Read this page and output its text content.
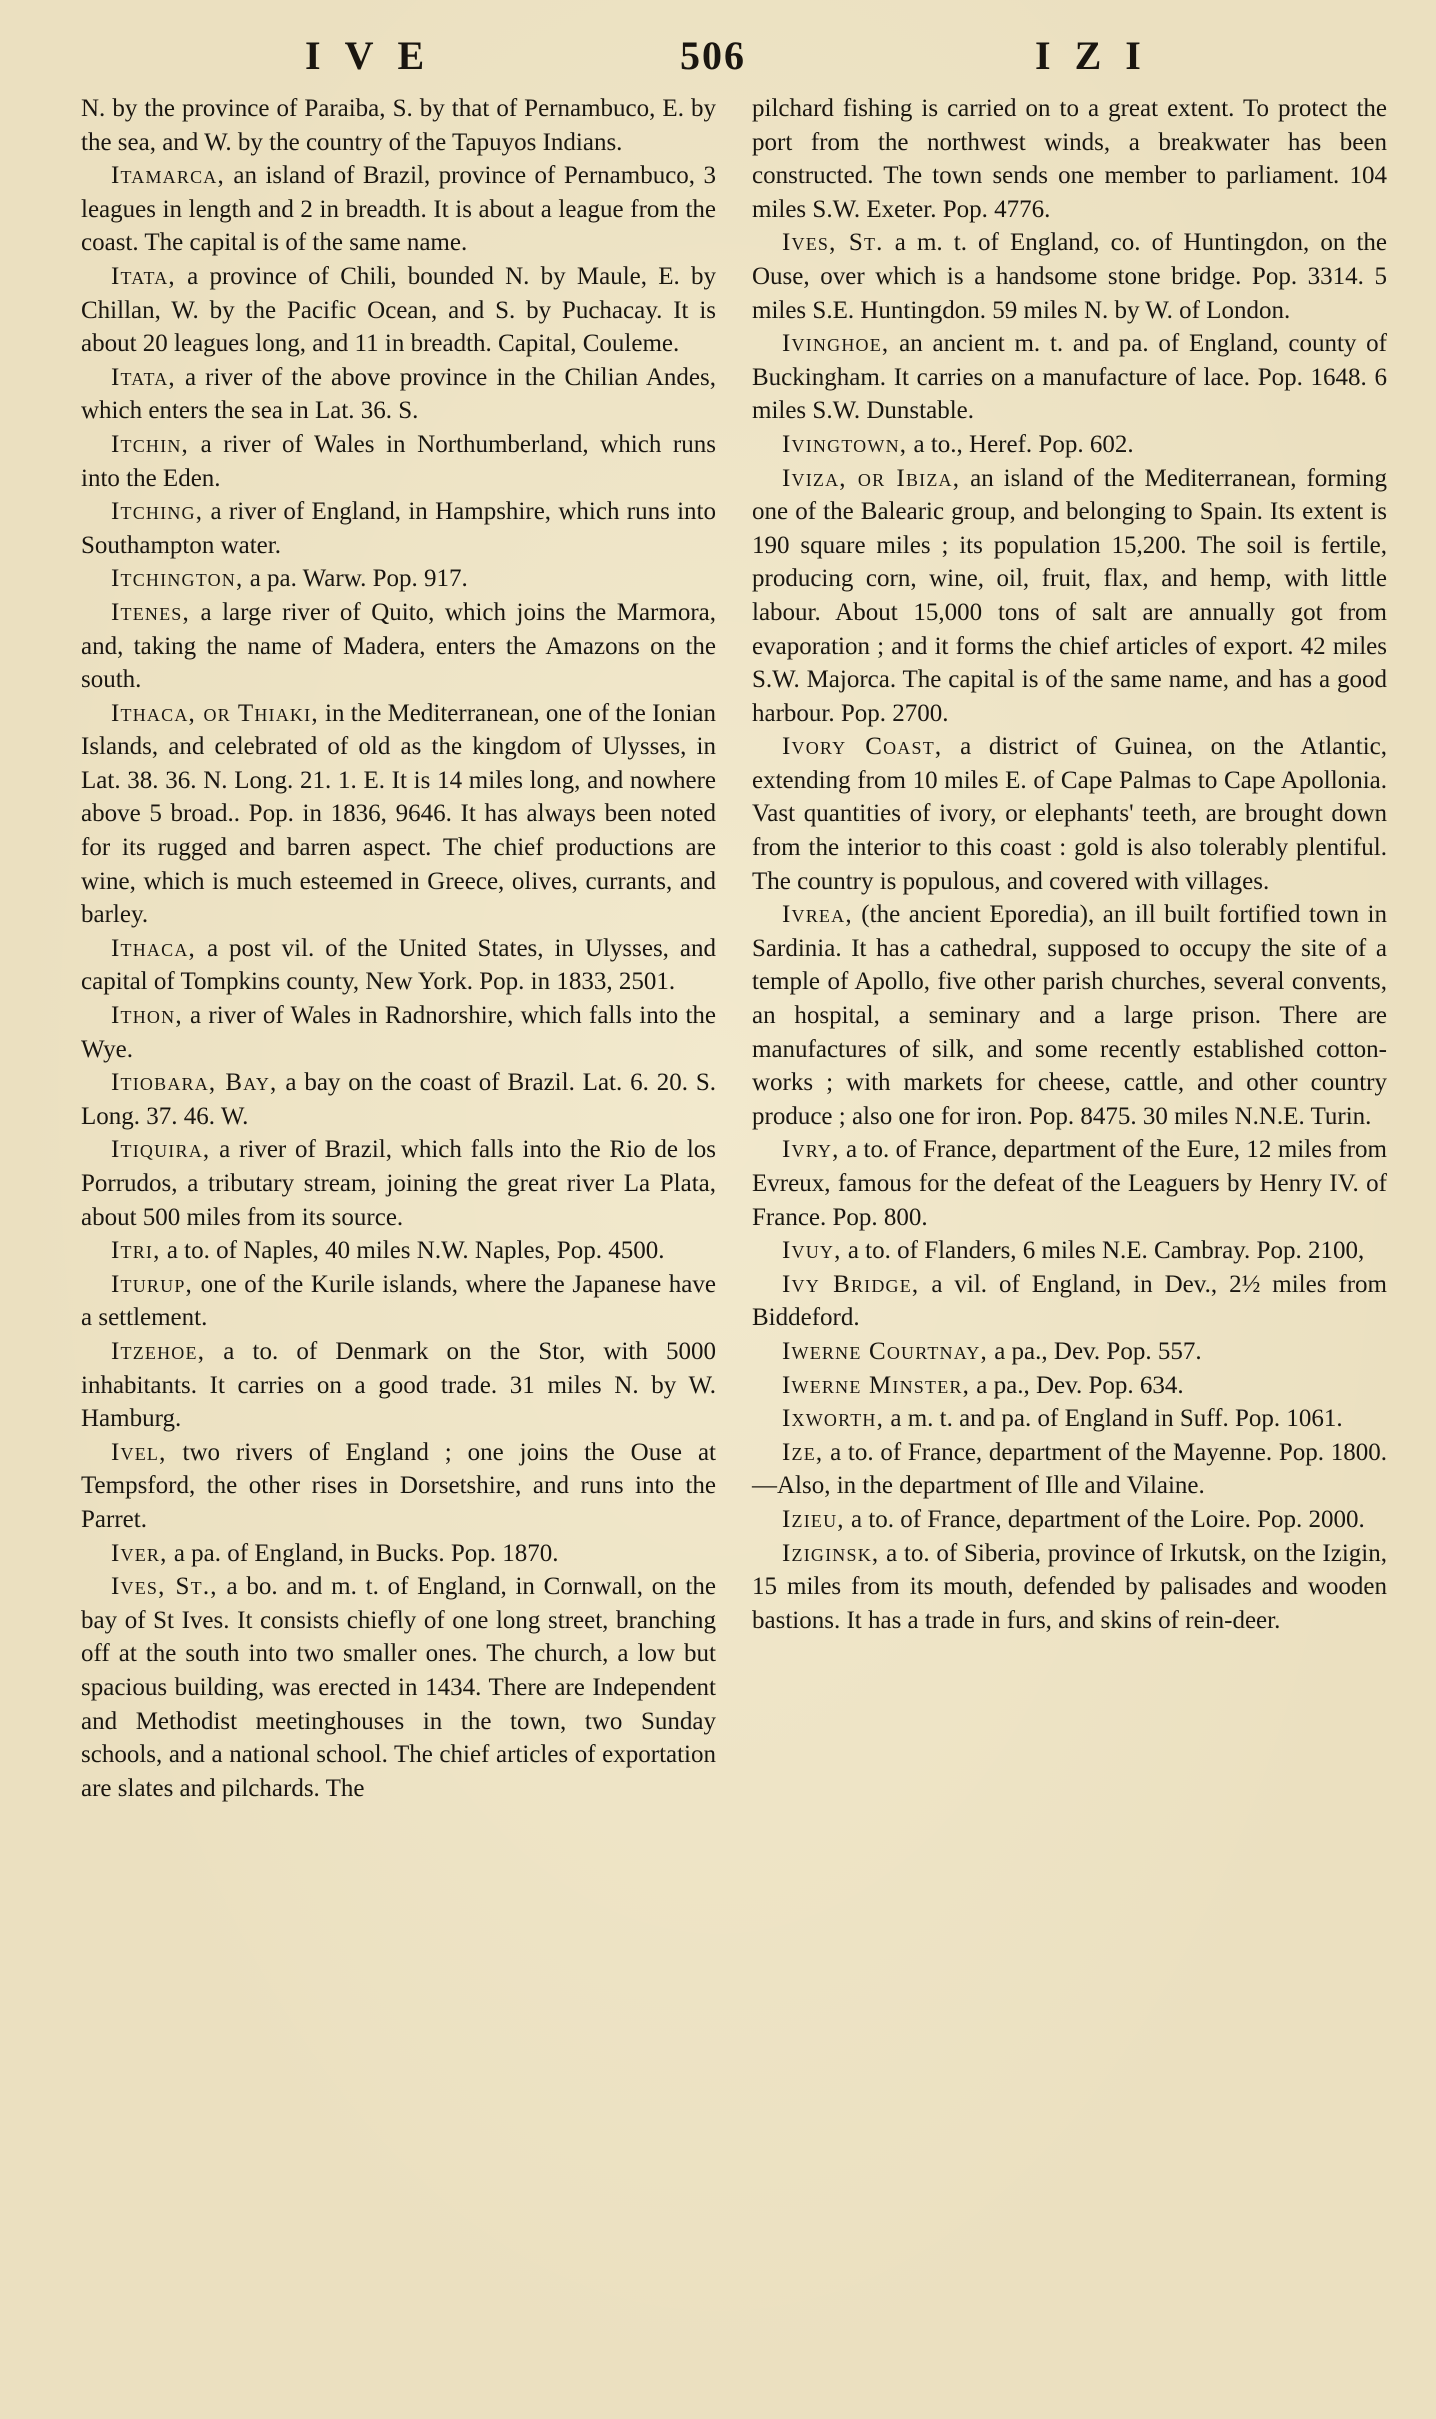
IVE	506	IZI

N. by the province of Paraiba, S. by that of Pernambuco, E. by the sea, and W. by the country of the Tapuyos Indians.

Itamarca, an island of Brazil, province of Pernambuco, 3 leagues in length and 2 in breadth. It is about a league from the coast. The capital is of the same name.

Itata, a province of Chili, bounded N. by Maule, E. by Chillan, W. by the Pacific Ocean, and S. by Puchacay. It is about 20 leagues long, and 11 in breadth. Capital, Couleme.

Itata, a river of the above province in the Chilian Andes, which enters the sea in Lat. 36. S.

Itchin, a river of Wales in Northumberland, which runs into the Eden.

Itching, a river of England, in Hampshire, which runs into Southampton water.

Itchington, a pa. Warw. Pop. 917.

Itenes, a large river of Quito, which joins the Marmora, and, taking the name of Madera, enters the Amazons on the south.

Ithaca, or Thiaki, in the Mediterranean, one of the Ionian Islands, and celebrated of old as the kingdom of Ulysses, in Lat. 38. 36. N. Long. 21. 1. E. It is 14 miles long, and nowhere above 5 broad.. Pop. in 1836, 9646. It has always been noted for its rugged and barren aspect. The chief productions are wine, which is much esteemed in Greece, olives, currants, and barley.

Ithaca, a post vil. of the United States, in Ulysses, and capital of Tompkins county, New York. Pop. in 1833, 2501.

Ithon, a river of Wales in Radnorshire, which falls into the Wye.

Itiobara, Bay, a bay on the coast of Brazil. Lat. 6. 20. S. Long. 37. 46. W.

Itiquira, a river of Brazil, which falls into the Rio de los Porrudos, a tributary stream, joining the great river La Plata, about 500 miles from its source.

Itri, a to. of Naples, 40 miles N.W. Naples, Pop. 4500.

Iturup, one of the Kurile islands, where the Japanese have a settlement.

Itzehoe, a to. of Denmark on the Stor, with 5000 inhabitants. It carries on a good trade. 31 miles N. by W. Hamburg.

Ivel, two rivers of England ; one joins the Ouse at Tempsford, the other rises in Dorsetshire, and runs into the Parret.

Iver, a pa. of England, in Bucks. Pop. 1870.

Ives, St., a bo. and m. t. of England, in Cornwall, on the bay of St Ives. It consists chiefly of one long street, branching off at the south into two smaller ones. The church, a low but spacious building, was erected in 1434. There are Independent and Methodist meetinghouses in the town, two Sunday schools, and a national school. The chief articles of exportation are slates and pilchards. The

pilchard fishing is carried on to a great extent. To protect the port from the northwest winds, a breakwater has been constructed. The town sends one member to parliament. 104 miles S.W. Exeter. Pop. 4776.

Ives, St. a m. t. of England, co. of Huntingdon, on the Ouse, over which is a handsome stone bridge. Pop. 3314. 5 miles S.E. Huntingdon. 59 miles N. by W. of London.

Ivinghoe, an ancient m. t. and pa. of England, county of Buckingham. It carries on a manufacture of lace. Pop. 1648. 6 miles S.W. Dunstable.

Ivingtown, a to., Heref. Pop. 602.

Iviza, or Ibiza, an island of the Mediterranean, forming one of the Balearic group, and belonging to Spain. Its extent is 190 square miles ; its population 15,200. The soil is fertile, producing corn, wine, oil, fruit, flax, and hemp, with little labour. About 15,000 tons of salt are annually got from evaporation ; and it forms the chief articles of export. 42 miles S.W. Majorca. The capital is of the same name, and has a good harbour. Pop. 2700.

Ivory Coast, a district of Guinea, on the Atlantic, extending from 10 miles E. of Cape Palmas to Cape Apollonia. Vast quantities of ivory, or elephants' teeth, are brought down from the interior to this coast : gold is also tolerably plentiful. The country is populous, and covered with villages.

Ivrea, (the ancient Eporedia), an ill built fortified town in Sardinia. It has a cathedral, supposed to occupy the site of a temple of Apollo, five other parish churches, several convents, an hospital, a seminary and a large prison. There are manufactures of silk, and some recently established cotton-works ; with markets for cheese, cattle, and other country produce ; also one for iron. Pop. 8475. 30 miles N.N.E. Turin.

Ivry, a to. of France, department of the Eure, 12 miles from Evreux, famous for the defeat of the Leaguers by Henry IV. of France. Pop. 800.

Ivuy, a to. of Flanders, 6 miles N.E. Cambray. Pop. 2100,

Ivy Bridge, a vil. of England, in Dev., 2½ miles from Biddeford.

Iwerne Courtnay, a pa., Dev. Pop. 557.

Iwerne Minster, a pa., Dev. Pop. 634.

Ixworth, a m. t. and pa. of England in Suff. Pop. 1061.

Ize, a to. of France, department of the Mayenne. Pop. 1800.—Also, in the department of Ille and Vilaine.

Izieu, a to. of France, department of the Loire. Pop. 2000.

Iziginsk, a to. of Siberia, province of Irkutsk, on the Izigin, 15 miles from its mouth, defended by palisades and wooden bastions. It has a trade in furs, and skins of rein-deer.
